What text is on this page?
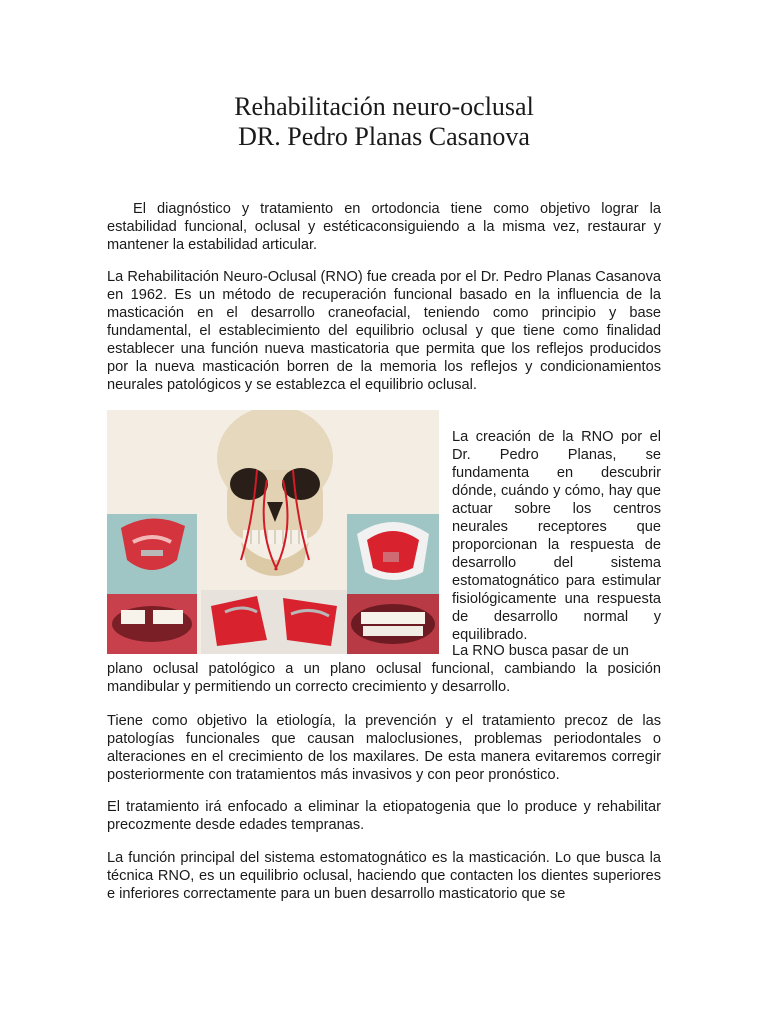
Rehabilitación neuro-oclusal
DR. Pedro Planas Casanova

El diagnóstico y tratamiento en ortodoncia tiene como objetivo lograr la estabilidad funcional, oclusal y estéticaconsiguiendo a la misma vez, restaurar y mantener la estabilidad articular.

La Rehabilitación Neuro-Oclusal (RNO) fue creada por el Dr. Pedro Planas Casanova en 1962. Es un método de recuperación funcional basado en la influencia de la masticación en el desarrollo craneofacial, teniendo como principio y base fundamental, el establecimiento del equilibrio oclusal y que tiene como finalidad establecer una función nueva masticatoria que permita que los reflejos producidos por la nueva masticación borren de la memoria los reflejos y condicionamientos neurales patológicos y se establezca el equilibrio oclusal.

La creación de la RNO por el Dr. Pedro Planas, se fundamenta en descubrir dónde, cuándo y cómo, hay que actuar sobre los centros neurales receptores que proporcionan la respuesta de desarrollo del sistema estomatognático para estimular fisiológicamente una respuesta de desarrollo normal y equilibrado.

La RNO busca pasar de un
plano oclusal patológico a un plano oclusal funcional, cambiando la posición mandibular y permitiendo un correcto crecimiento y desarrollo.

Tiene como objetivo la etiología, la prevención y el tratamiento precoz de las patologías funcionales que causan maloclusiones, problemas periodontales o alteraciones en el crecimiento de los maxilares. De esta manera evitaremos corregir posteriormente con tratamientos más invasivos y con peor pronóstico.

El tratamiento irá enfocado a eliminar la etiopatogenia que lo produce y rehabilitar precozmente desde edades tempranas.

La función principal del sistema estomatognático es la masticación. Lo que busca la técnica RNO, es un equilibrio oclusal, haciendo que contacten los dientes superiores e inferiores correctamente para un buen desarrollo masticatorio que se
